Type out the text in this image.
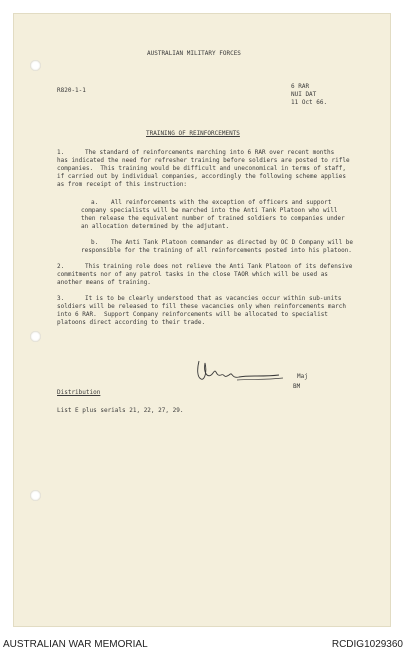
AUSTRALIAN MILITARY FORCES
R820-1-1
6 RAR
NUI DAT
11 Oct 66.
TRAINING OF REINFORCEMENTS
1.	The standard of reinforcements marching into 6 RAR over recent months
has indicated the need for refresher training before soldiers are posted to rifle
companies.  This training would be difficult and uneconomical in terms of staff,
if carried out by individual companies, accordingly the following scheme applies
as from receipt of this instruction:
a. All reinforcements with the exception of officers and support
company specialists will be marched into the Anti Tank Platoon who will
then release the equivalent number of trained soldiers to companies under
an allocation determined by the adjutant.
b. The Anti Tank Platoon commander as directed by OC D Company will be
responsible for the training of all reinforcements posted into his platoon.
2.	This training role does not relieve the Anti Tank Platoon of its defensive
commitments nor of any patrol tasks in the close TAOR which will be used as
another means of training.
3.	It is to be clearly understood that as vacancies occur within sub-units
soldiers will be released to fill these vacancies only when reinforcements march
into 6 RAR.  Support Company reinforcements will be allocated to specialist
platoons direct according to their trade.
Maj
BM
Distribution
List E plus serials 21, 22, 27, 29.
AUSTRALIAN WAR MEMORIAL	RCDIG1029360
